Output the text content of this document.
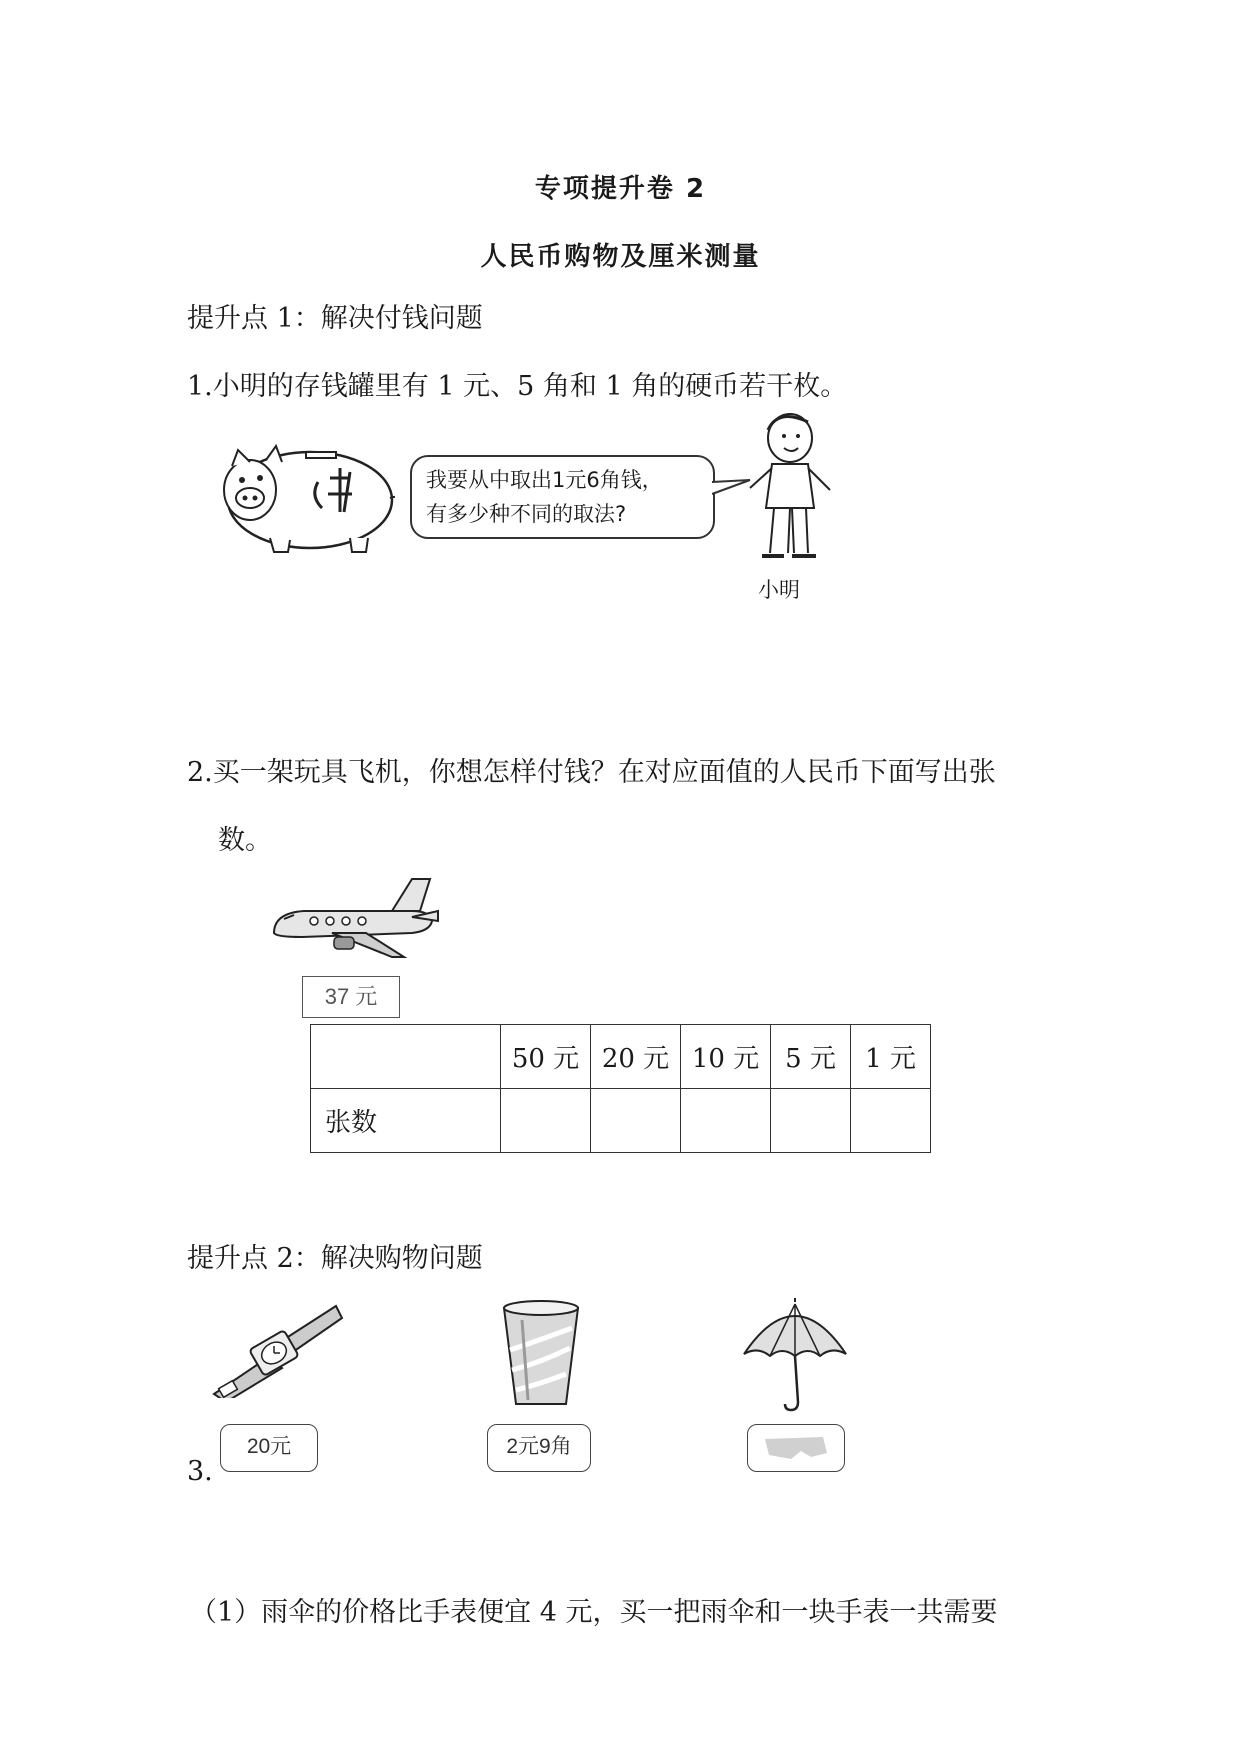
专项提升卷 2
人民币购物及厘米测量
提升点 1：解决付钱问题
1.小明的存钱罐里有 1 元、5 角和 1 角的硬币若干枚。
我要从中取出1元6角钱，
有多少种不同的取法?
小明
2.买一架玩具飞机，你想怎样付钱？在对应面值的人民币下面写出张
数。
37 元
	50 元	20 元	10 元	5 元	1 元
张数					
提升点 2：解决购物问题
20元	2元9角
3.
（1）雨伞的价格比手表便宜 4 元，买一把雨伞和一块手表一共需要
